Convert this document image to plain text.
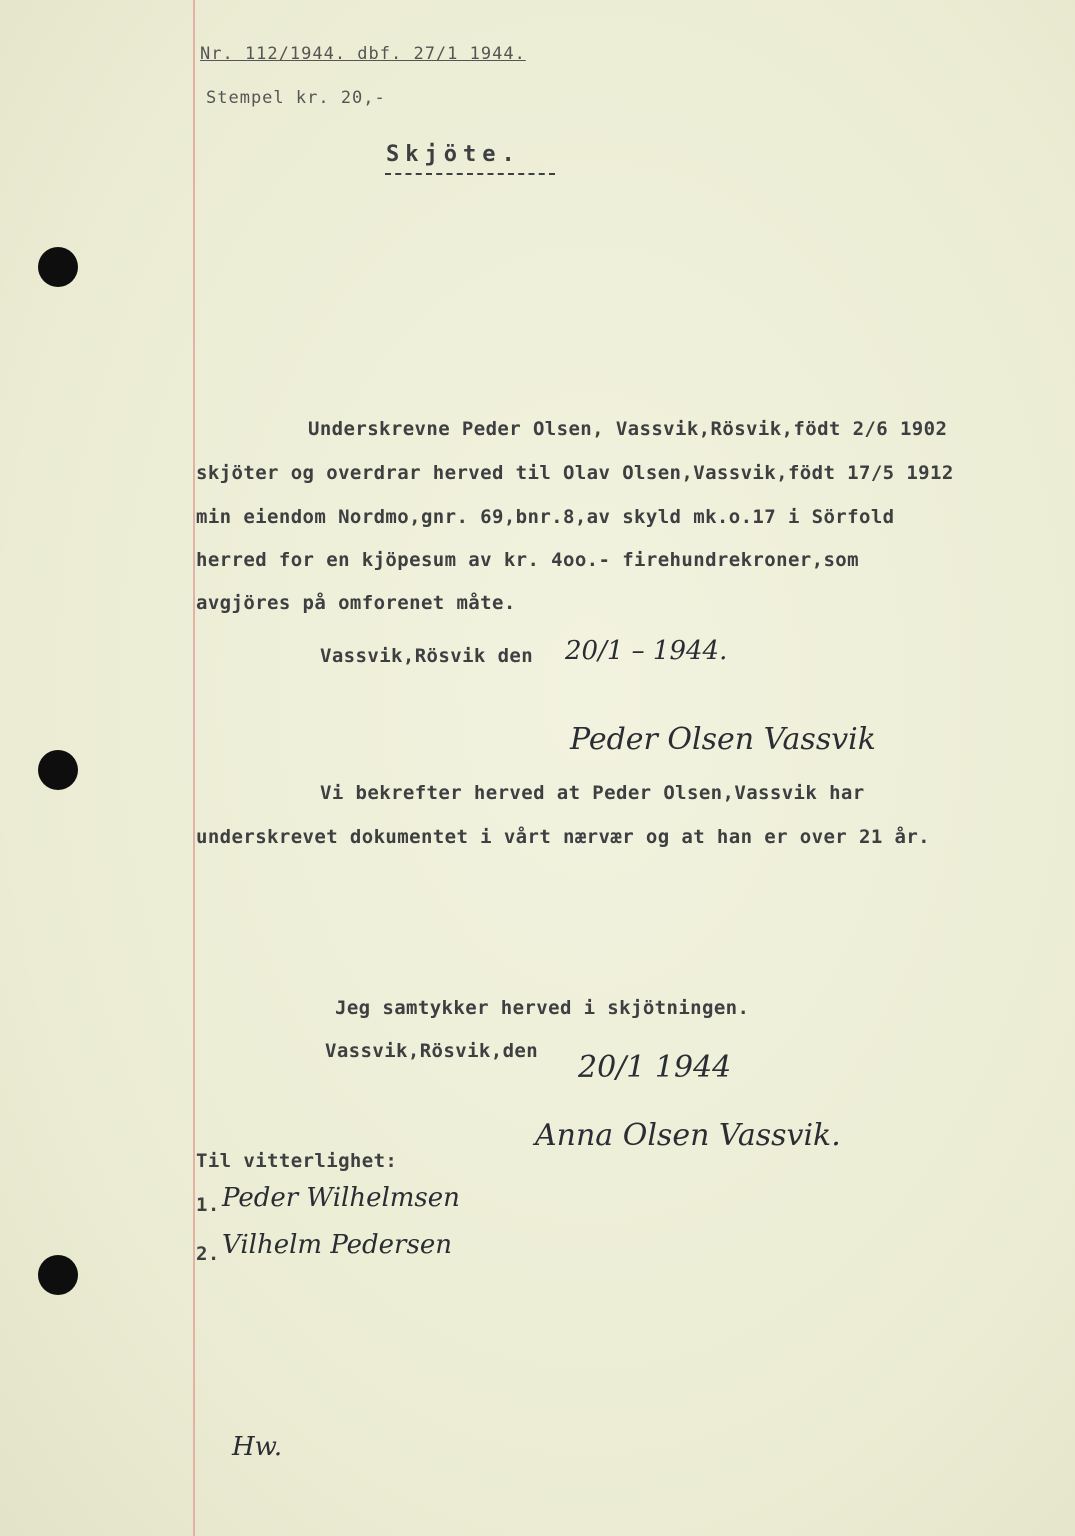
Nr. 112/1944. dbf. 27/1 1944.
Stempel kr. 20,-
Skjöte.
Underskrevne Peder Olsen, Vassvik,Rösvik,födt 2/6 1902
skjöter og overdrar herved til Olav Olsen,Vassvik,födt 17/5 1912
min eiendom Nordmo,gnr. 69,bnr.8,av skyld mk.o.17 i Sörfold
herred for en kjöpesum av kr. 4oo.- firehundrekroner,som
avgjöres på omforenet måte.
Vassvik,Rösvik den 20/1 – 1944.
Peder Olsen Vassvik
Vi bekrefter herved at Peder Olsen,Vassvik har
underskrevet dokumentet i vårt nærvær og at han er over 21 år.
Jeg samtykker herved i skjötningen.
Vassvik,Rösvik,den 20/1 1944
Anna Olsen Vassvik.
Til vitterlighet:
1. Peder Wilhelmsen
2. Vilhelm Pedersen
Hw.
